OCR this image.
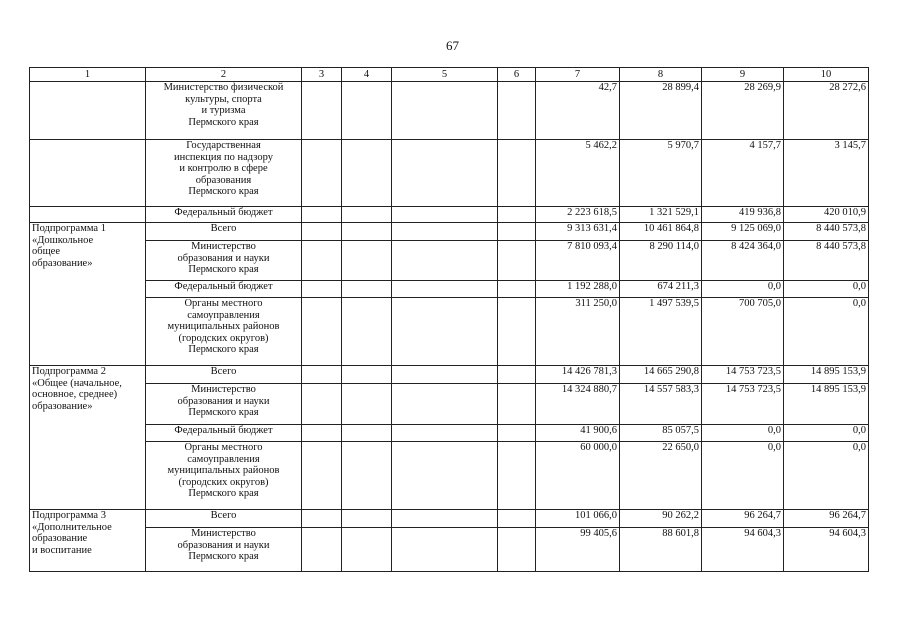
67
1	2	3	4	5	6	7	8	9	10
	Министерство физической
культуры, спорта
и туризма
Пермского края					42,7	28 899,4	28 269,9	28 272,6
	Государственная
инспекция по надзору
и контролю в сфере
образования
Пермского края					5 462,2	5 970,7	4 157,7	3 145,7
	Федеральный бюджет					2 223 618,5	1 321 529,1	419 936,8	420 010,9
Подпрограмма 1
«Дошкольное
общее
образование»	Всего					9 313 631,4	10 461 864,8	9 125 069,0	8 440 573,8
	Министерство
образования и науки
Пермского края					7 810 093,4	8 290 114,0	8 424 364,0	8 440 573,8
	Федеральный бюджет					1 192 288,0	674 211,3	0,0	0,0
	Органы местного
самоуправления
муниципальных районов
(городских округов)
Пермского края					311 250,0	1 497 539,5	700 705,0	0,0
Подпрограмма 2
«Общее (начальное,
основное, среднее)
образование»	Всего					14 426 781,3	14 665 290,8	14 753 723,5	14 895 153,9
	Министерство
образования и науки
Пермского края					14 324 880,7	14 557 583,3	14 753 723,5	14 895 153,9
	Федеральный бюджет					41 900,6	85 057,5	0,0	0,0
	Органы местного
самоуправления
муниципальных районов
(городских округов)
Пермского края					60 000,0	22 650,0	0,0	0,0
Подпрограмма 3
«Дополнительное
образование
и воспитание	Всего					101 066,0	90 262,2	96 264,7	96 264,7
	Министерство
образования и науки
Пермского края					99 405,6	88 601,8	94 604,3	94 604,3
